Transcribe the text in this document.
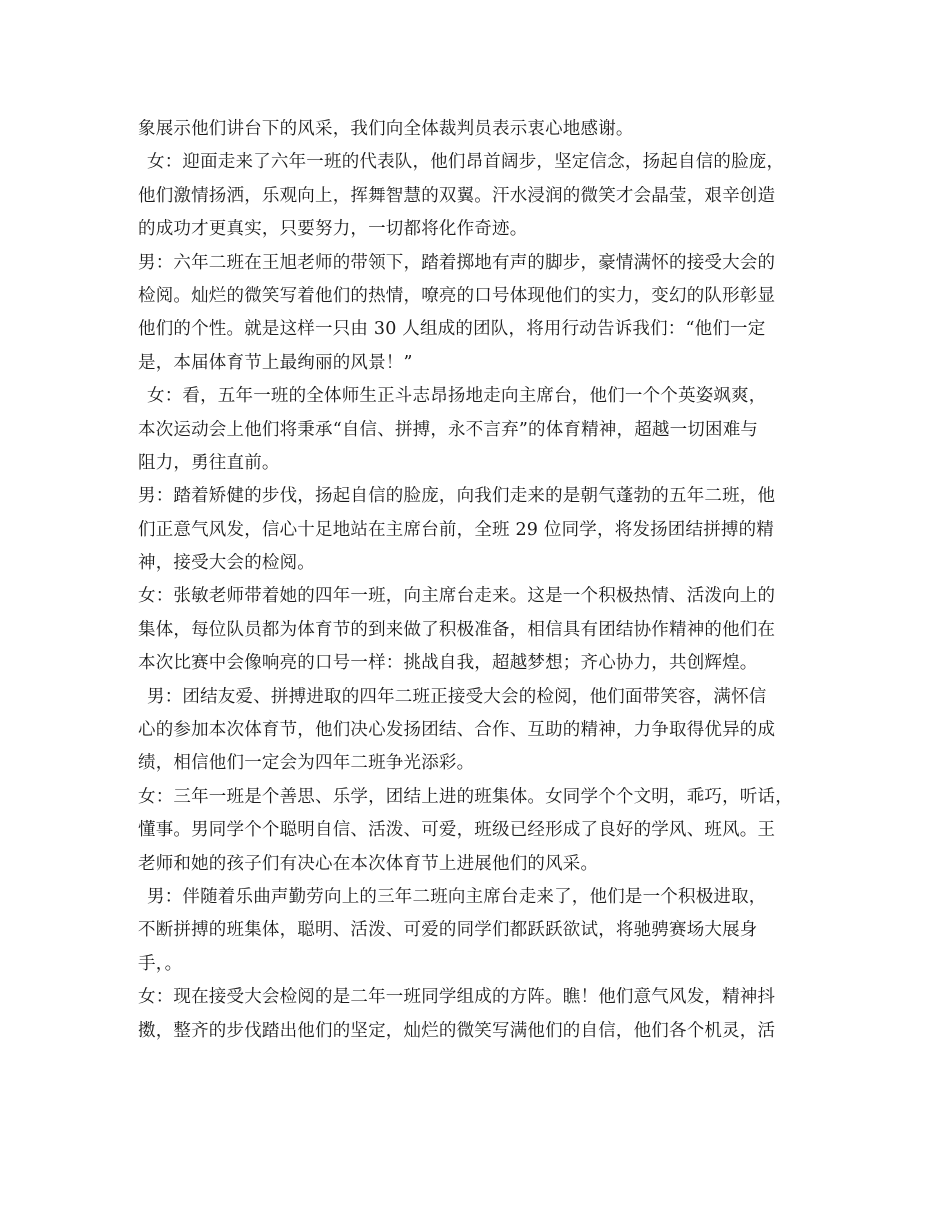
象展示他们讲台下的风采，我们向全体裁判员表示衷心地感谢。
女：迎面走来了六年一班的代表队，他们昂首阔步，坚定信念，扬起自信的脸庞，
他们激情扬洒，乐观向上，挥舞智慧的双翼。汗水浸润的微笑才会晶莹，艰辛创造
的成功才更真实，只要努力，一切都将化作奇迹。
男：六年二班在王旭老师的带领下，踏着掷地有声的脚步，豪情满怀的接受大会的
检阅。灿烂的微笑写着他们的热情，嘹亮的口号体现他们的实力，变幻的队形彰显
他们的个性。就是这样一只由 30 人组成的团队，将用行动告诉我们：“他们一定
是，本届体育节上最绚丽的风景！”
女：看，五年一班的全体师生正斗志昂扬地走向主席台，他们一个个英姿飒爽，
本次运动会上他们将秉承“自信、拼搏，永不言弃”的体育精神，超越一切困难与
阻力，勇往直前。
男：踏着矫健的步伐，扬起自信的脸庞，向我们走来的是朝气蓬勃的五年二班，他
们正意气风发，信心十足地站在主席台前，全班 29 位同学，将发扬团结拼搏的精
神，接受大会的检阅。
女：张敏老师带着她的四年一班，向主席台走来。这是一个积极热情、活泼向上的
集体，每位队员都为体育节的到来做了积极准备，相信具有团结协作精神的他们在
本次比赛中会像响亮的口号一样：挑战自我，超越梦想；齐心协力，共创辉煌。
男：团结友爱、拼搏进取的四年二班正接受大会的检阅，他们面带笑容，满怀信
心的参加本次体育节，他们决心发扬团结、合作、互助的精神，力争取得优异的成
绩，相信他们一定会为四年二班争光添彩。
女：三年一班是个善思、乐学，团结上进的班集体。女同学个个文明，乖巧，听话，
懂事。男同学个个聪明自信、活泼、可爱，班级已经形成了良好的学风、班风。王
老师和她的孩子们有决心在本次体育节上进展他们的风采。
男：伴随着乐曲声勤劳向上的三年二班向主席台走来了，他们是一个积极进取，
不断拼搏的班集体，聪明、活泼、可爱的同学们都跃跃欲试，将驰骋赛场大展身
手，。
女：现在接受大会检阅的是二年一班同学组成的方阵。瞧！他们意气风发，精神抖
擞，整齐的步伐踏出他们的坚定，灿烂的微笑写满他们的自信，他们各个机灵，活
